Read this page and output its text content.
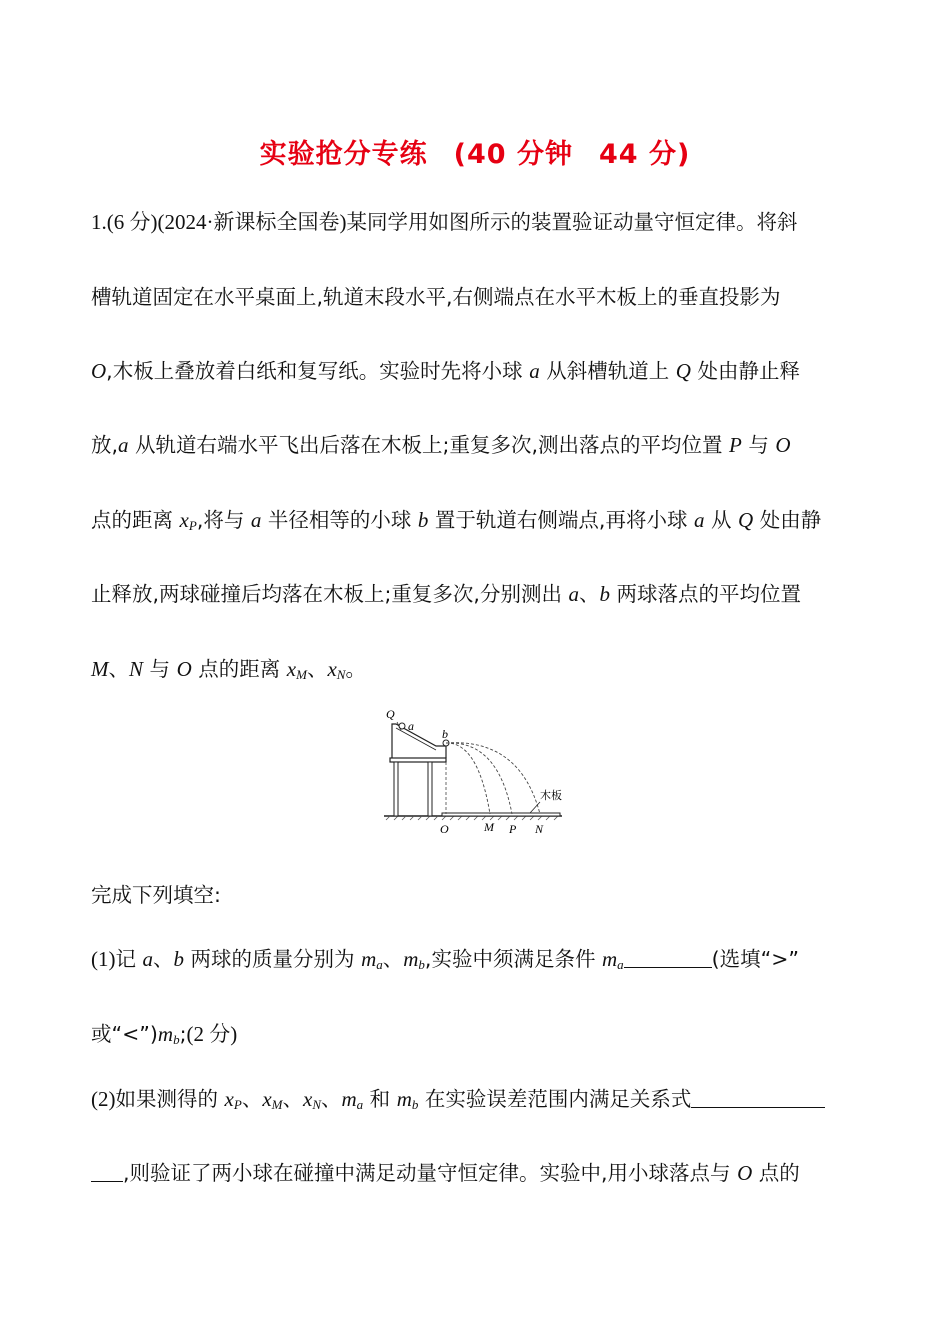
实验抢分专练 (40 分钟 44 分)
1.(6 分)(2024·新课标全国卷)某同学用如图所示的装置验证动量守恒定律。将斜
槽轨道固定在水平桌面上,轨道末段水平,右侧端点在水平木板上的垂直投影为
O,木板上叠放着白纸和复写纸。实验时先将小球 a 从斜槽轨道上 Q 处由静止释
放,a 从轨道右端水平飞出后落在木板上;重复多次,测出落点的平均位置 P 与 O
点的距离 $x_P$,将与 a 半径相等的小球 b 置于轨道右侧端点,再将小球 a 从 Q 处由静
止释放,两球碰撞后均落在木板上;重复多次,分别测出 a、b 两球落点的平均位置
M、N 与 O 点的距离 $x_M$、$x_N$。
Q
a
b
木板
O	M P N
完成下列填空:
(1)记 a、b 两球的质量分别为 $m_a$、$m_b$,实验中须满足条件 $m_a$	(选填“>”
或“$<”)m_b;(2$ 分)
(2)如果测得的 $x_P$、$x_M$、$x_N$、$m_a$ 和 $m_b$ 在实验误差范围内满足关系式
,则验证了两小球在碰撞中满足动量守恒定律。实验中,用小球落点与 O 点的
